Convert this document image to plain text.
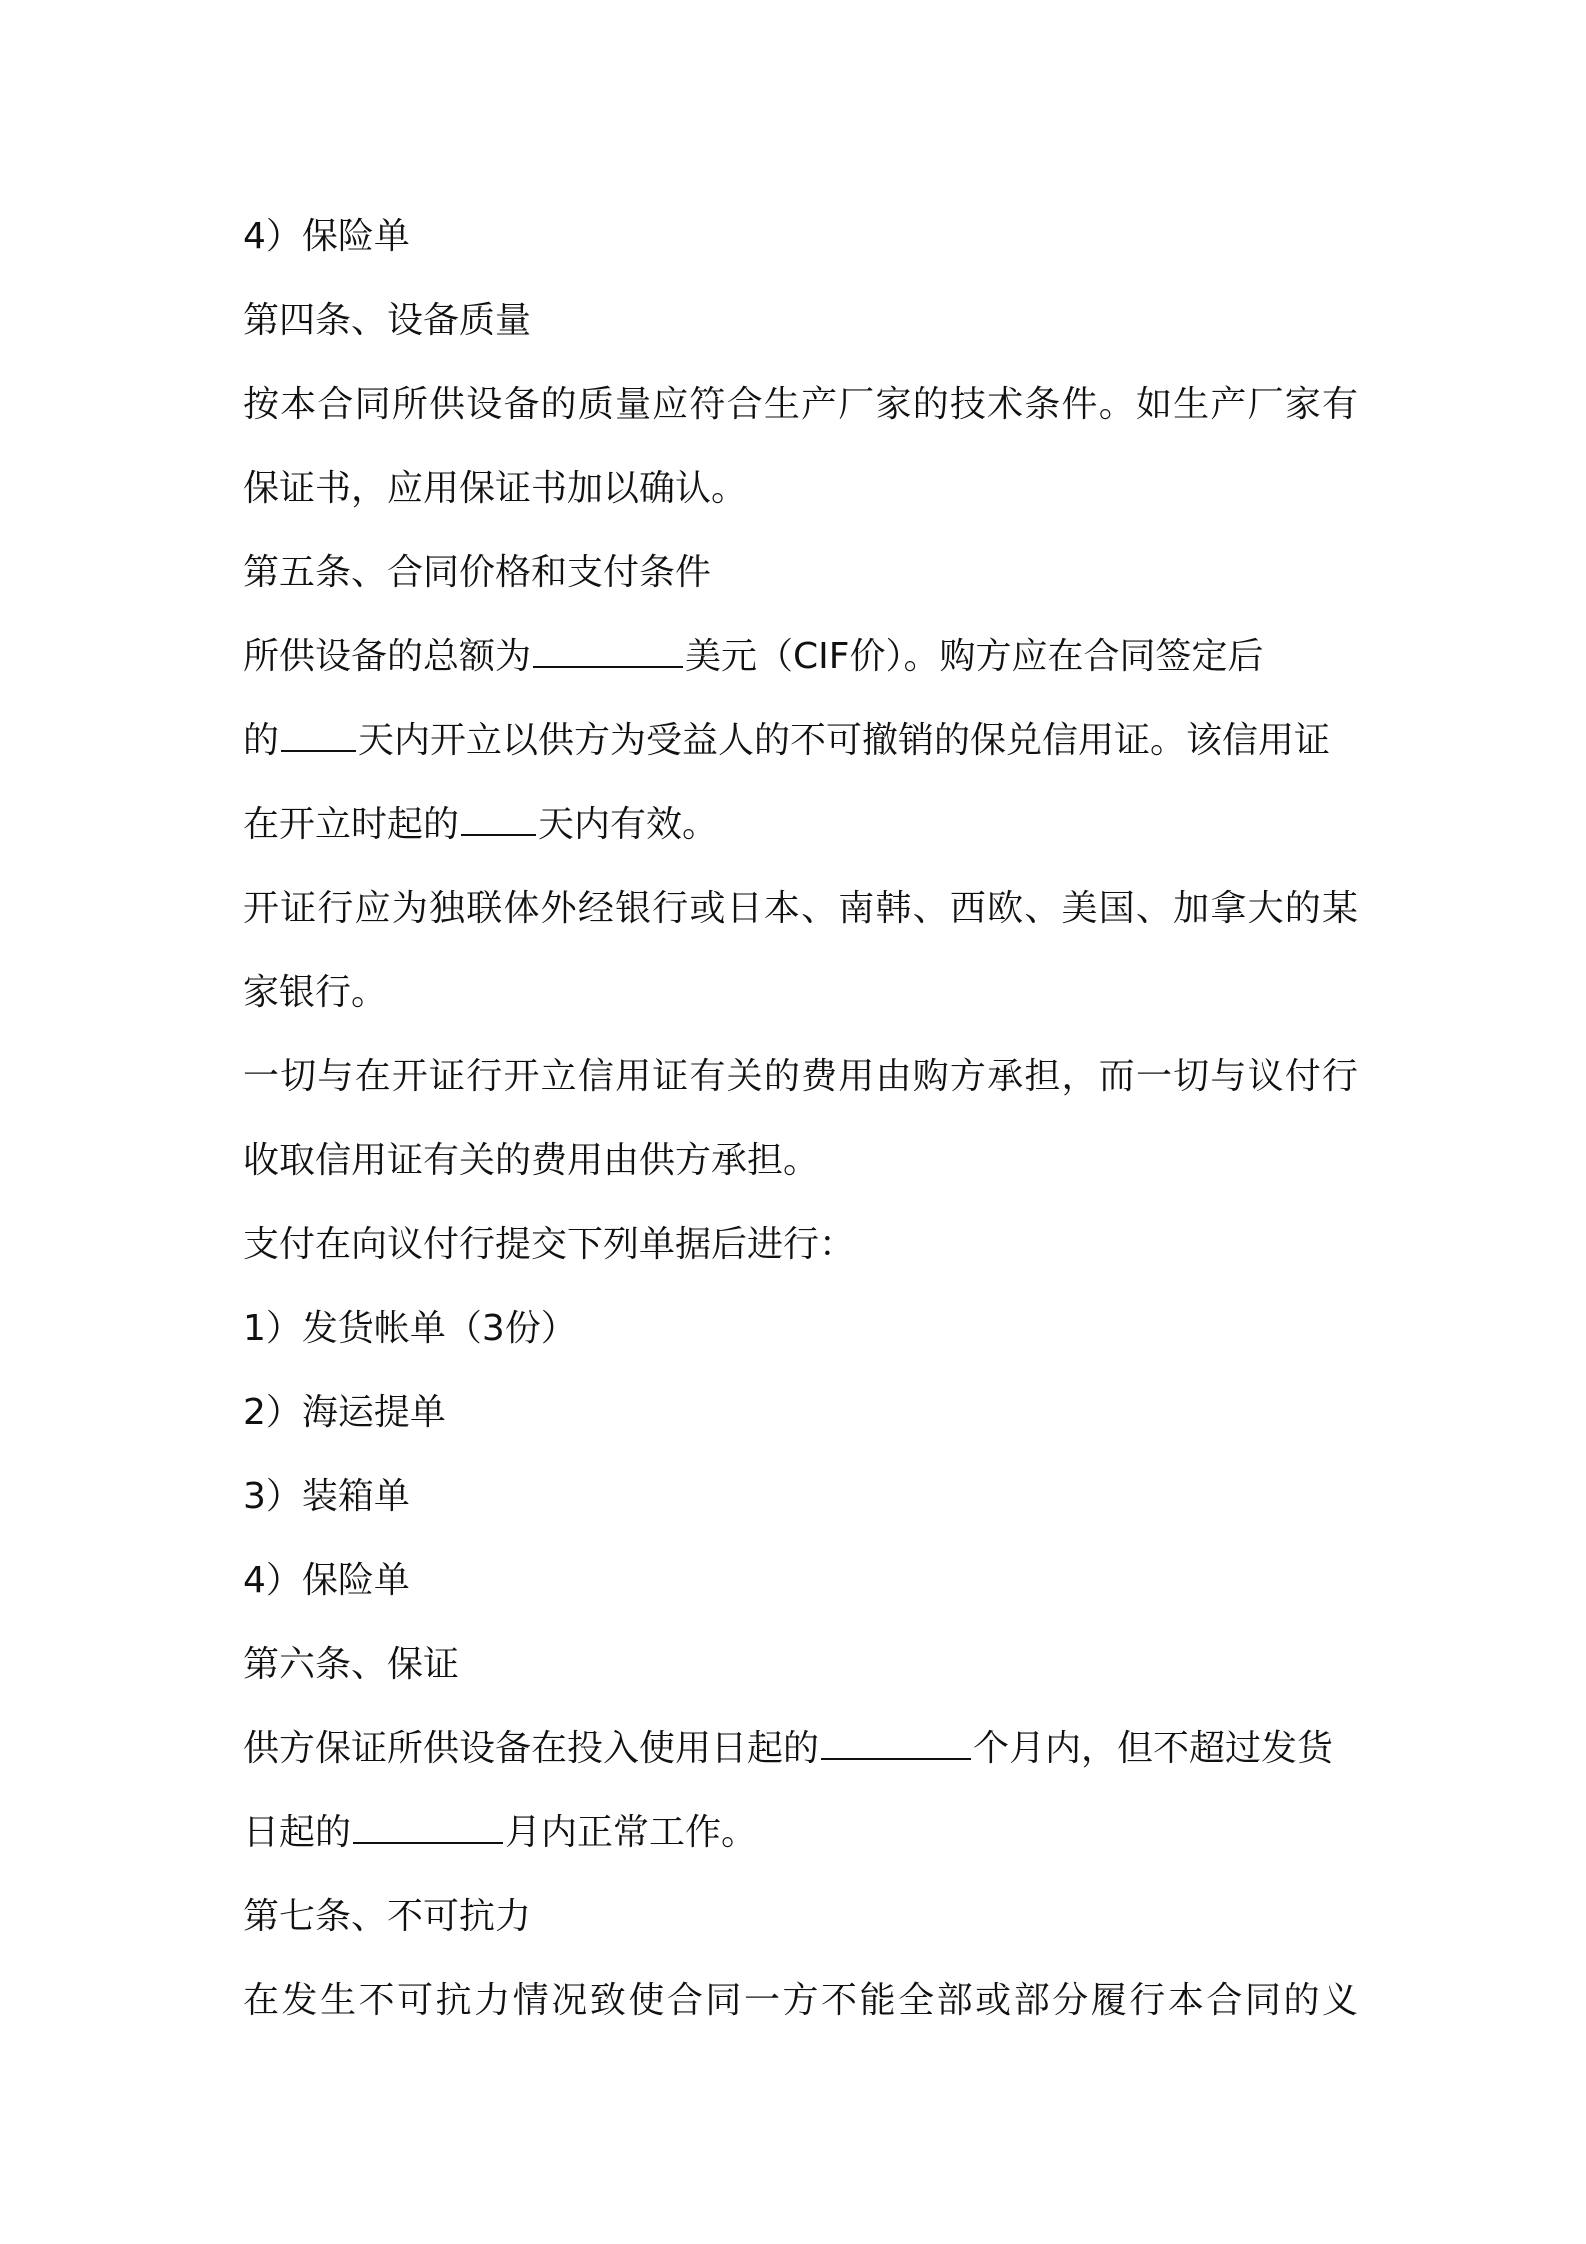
4）保险单
第四条、设备质量
按本合同所供设备的质量应符合生产厂家的技术条件。如生产厂家有
保证书，应用保证书加以确认。
第五条、合同价格和支付条件
所供设备的总额为	美元（CIF价）。购方应在合同签定后
的 天内开立以供方为受益人的不可撤销的保兑信用证。该信用证
在开立时起的 天内有效。
开证行应为独联体外经银行或日本、南韩、西欧、美国、加拿大的某
家银行。
一切与在开证行开立信用证有关的费用由购方承担，而一切与议付行
收取信用证有关的费用由供方承担。
支付在向议付行提交下列单据后进行：
1）发货帐单（3份）
2）海运提单
3）装箱单
4）保险单
第六条、保证
供方保证所供设备在投入使用日起的	个月内，但不超过发货
日起的	月内正常工作。
第七条、不可抗力
在发生不可抗力情况致使合同一方不能全部或部分履行本合同的义
